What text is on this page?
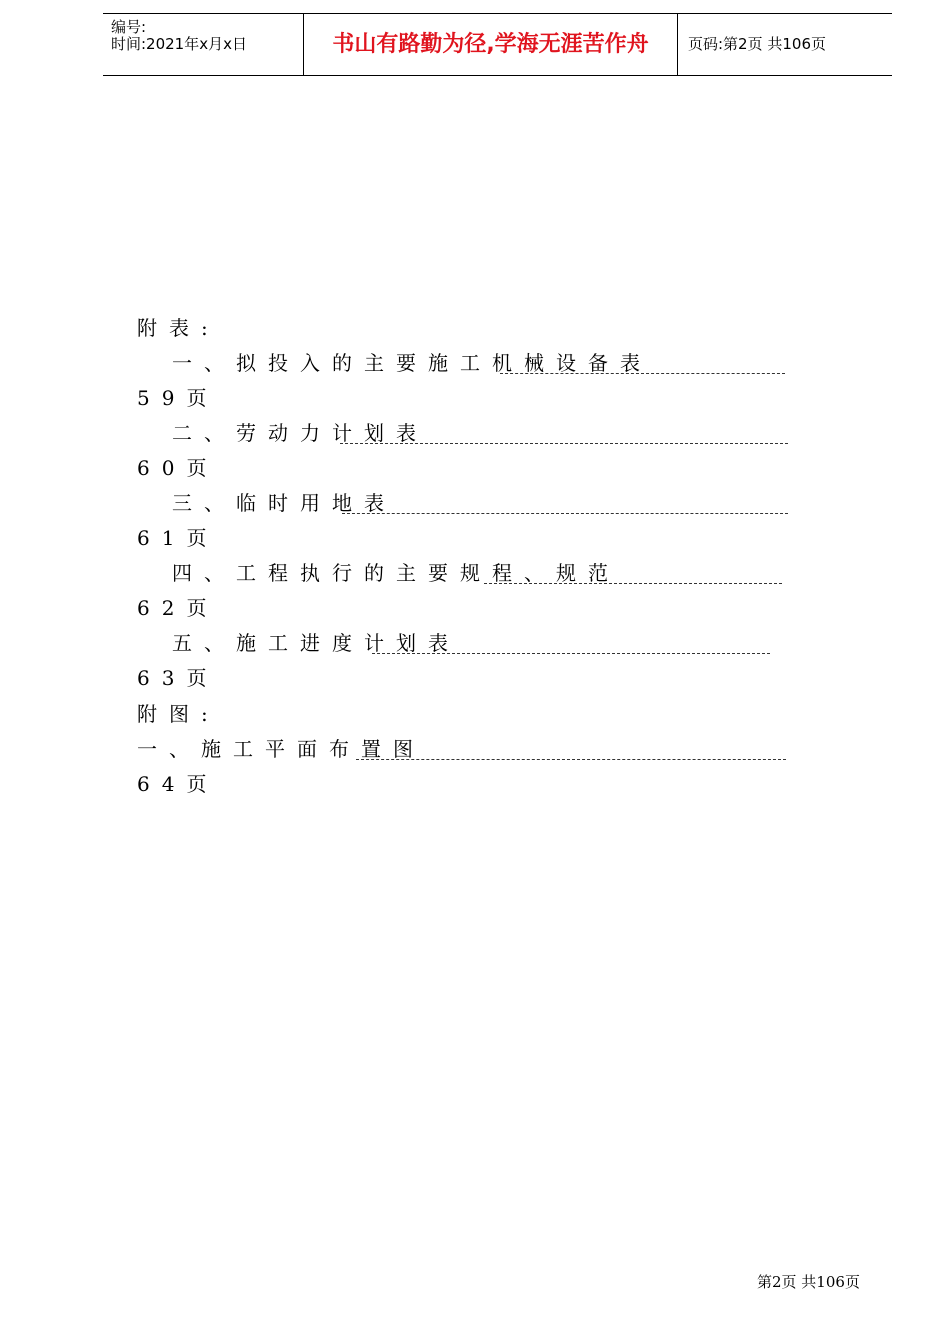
编号:
时间:2021年x月x日	书山有路勤为径,学海无涯苦作舟	页码:第2页 共106页
附表:
一、拟投入的主要施工机械设备表
59页
二、劳动力计划表
60页
三、临时用地表
61页
四、工程执行的主要规程、规范
62页
五、施工进度计划表
63页
附图:
一、施工平面布置图
64页
第2页 共106页
